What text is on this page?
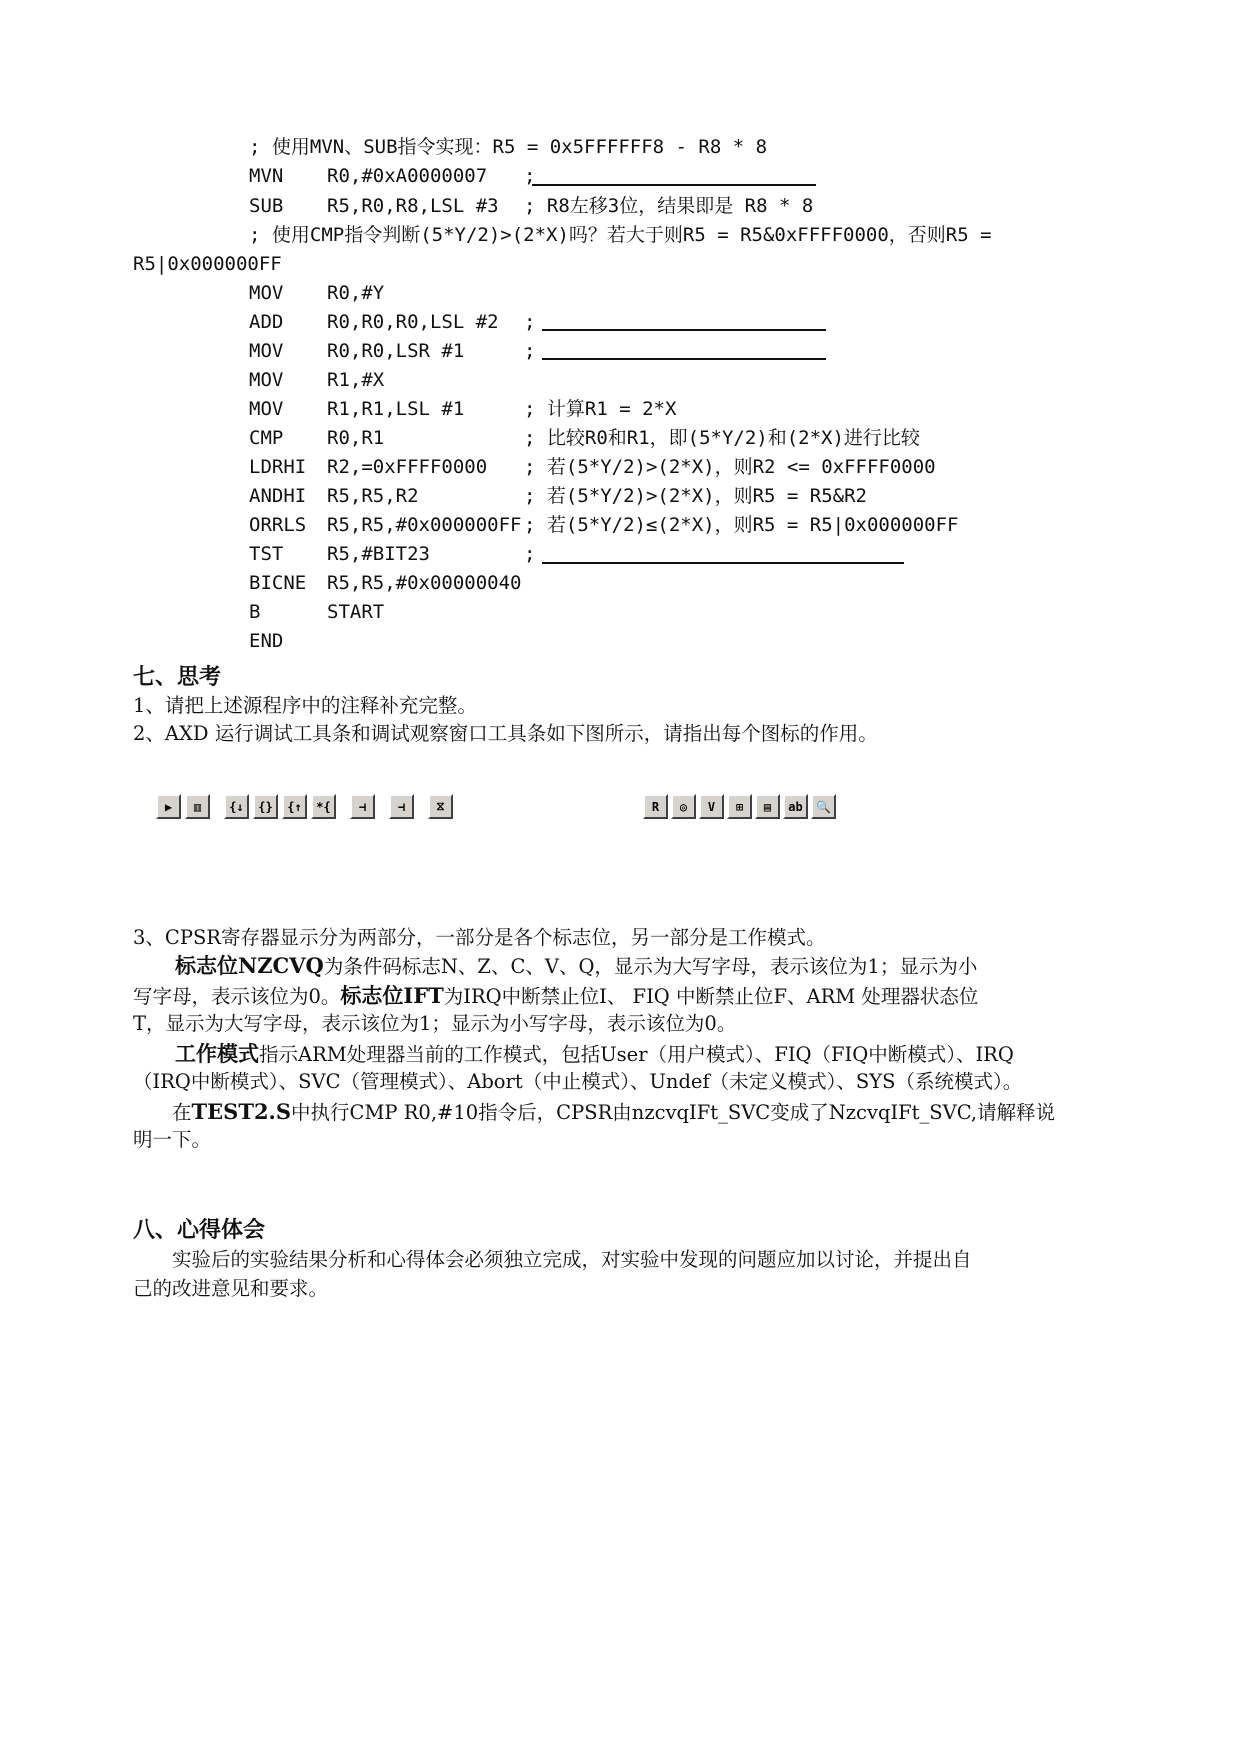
; 使用MVN、SUB指令实现：R5 = 0x5FFFFFF8 - R8 * 8
MVN R0,#0xA0000007 ;
SUB R5,R0,R8,LSL #3 ; R8左移3位，结果即是 R8 * 8
; 使用CMP指令判断(5*Y/2)>(2*X)吗？若大于则R5 = R5&0xFFFF0000，否则R5 =
R5|0x000000FF
MOV R0,#Y
ADD R0,R0,R0,LSL #2 ;
MOV R0,R0,LSR #1	;
MOV R1,#X
MOV R1,R1,LSL #1	; 计算R1 = 2*X
CMP R0,R1	; 比较R0和R1，即(5*Y/2)和(2*X)进行比较
LDRHI R2,=0xFFFF0000 ; 若(5*Y/2)>(2*X)，则R2 <= 0xFFFF0000
ANDHI R5,R5,R2	; 若(5*Y/2)>(2*X)，则R5 = R5&R2
ORRLS R5,R5,#0x000000FF ; 若(5*Y/2)≤(2*X)，则R5 = R5|0x000000FF
TST R5,#BIT23	;
BICNE R5,R5,#0x00000040
B	START
END
七、思考
1、请把上述源程序中的注释补充完整。
2、AXD 运行调试工具条和调试观察窗口工具条如下图所示，请指出每个图标的作用。
▶ ▥ {↓ {} {↑ *{ ⊣	⊣	⧖	R ◎ V ⊞ ▤ ab 🔍
3、CPSR寄存器显示分为两部分，一部分是各个标志位，另一部分是工作模式。
标志位NZCVQ为条件码标志N、Z、C、V、Q，显示为大写字母，表示该位为1；显示为小
写字母，表示该位为0。标志位IFT为IRQ中断禁止位I、 FIQ 中断禁止位F、ARM 处理器状态位
T，显示为大写字母，表示该位为1；显示为小写字母，表示该位为0。
工作模式指示ARM处理器当前的工作模式，包括User（用户模式）、FIQ（FIQ中断模式）、IRQ
（IRQ中断模式）、SVC（管理模式）、Abort（中止模式）、Undef（未定义模式）、SYS（系统模式）。
在TEST2.S中执行CMP R0,#10指令后，CPSR由nzcvqIFt_SVC变成了NzcvqIFt_SVC,请解释说
明一下。
八、心得体会
实验后的实验结果分析和心得体会必须独立完成，对实验中发现的问题应加以讨论，并提出自
己的改进意见和要求。
